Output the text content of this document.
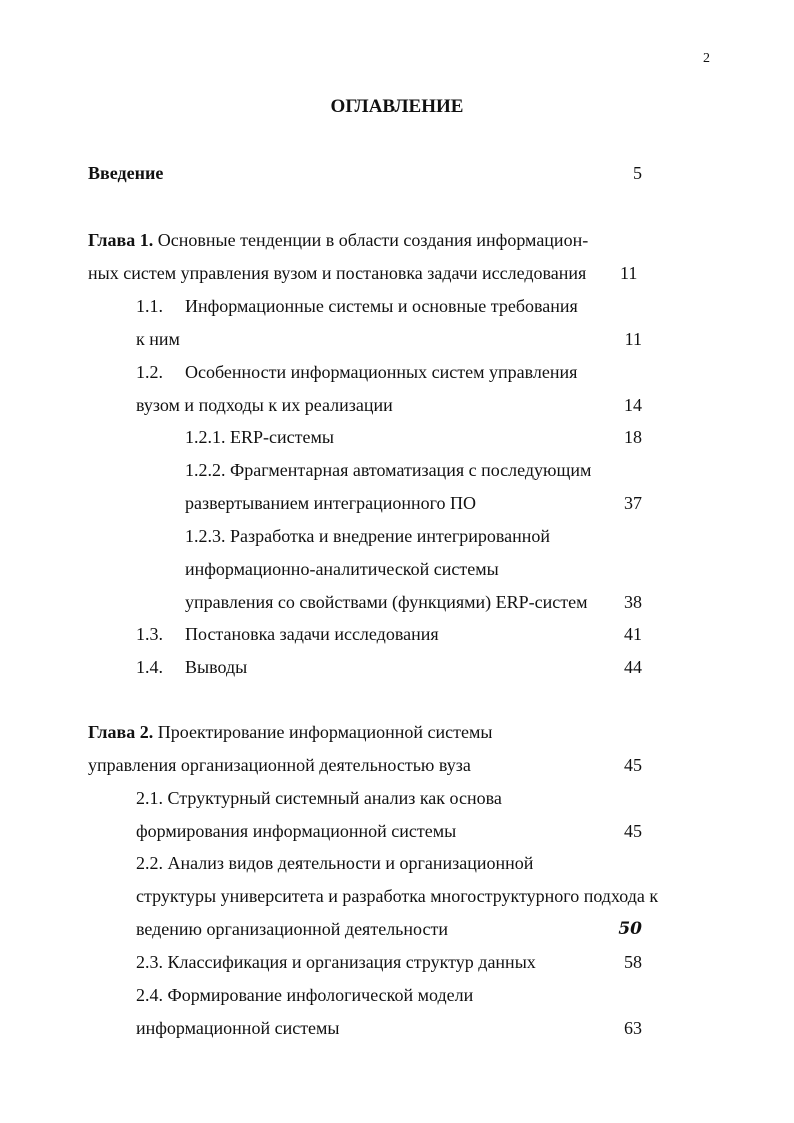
2
ОГЛАВЛЕНИЕ
Введение	5
Глава 1. Основные тенденции в области создания информацион-
ных систем управления вузом и постановка задачи исследования 11
1.1. Информационные системы и основные требования
к ним	11
1.2. Особенности информационных систем управления
вузом и подходы к их реализации	14
1.2.1. ERP-системы	18
1.2.2. Фрагментарная автоматизация с последующим
развертыванием интеграционного ПО	37
1.2.3. Разработка и внедрение интегрированной
информационно-аналитической системы
управления со свойствами (функциями) ERP-систем	38
1.3. Постановка задачи исследования	41
1.4. Выводы	44
Глава 2. Проектирование информационной системы
управления организационной деятельностью вуза	45
2.1. Структурный системный анализ как основа
формирования информационной системы	45
2.2. Анализ видов деятельности и организационной
структуры университета и разработка многоструктурного подхода к
ведению организационной деятельности	50
2.3. Классификация и организация структур данных	58
2.4. Формирование инфологической модели
информационной системы	63
